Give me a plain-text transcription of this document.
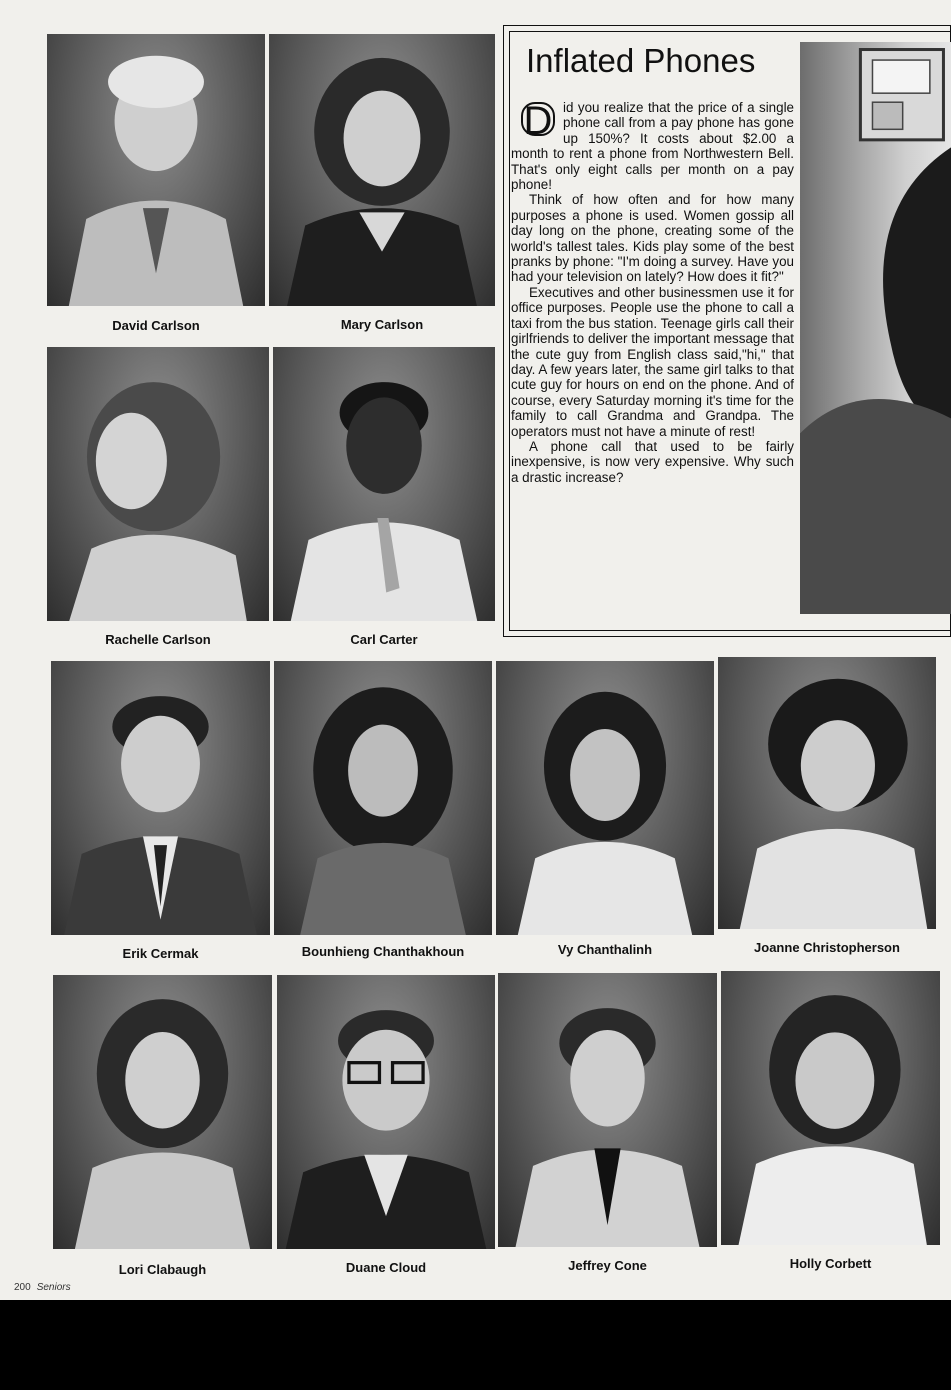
David Carlson	Mary Carlson
Rachelle Carlson	Carl Carter
Inflated Phones

D id you realize that the price of a single phone call from a pay phone has gone up 150%? It costs about $2.00 a month to rent a phone from Northwestern Bell. That's only eight calls per month on a pay phone!

Think of how often and for how many purposes a phone is used. Women gossip all day long on the phone, creating some of the world's tallest tales. Kids play some of the best pranks by phone: "I'm doing a survey. Have you had your television on lately? How does it fit?"

Executives and other businessmen use it for office purposes. People use the phone to call a taxi from the bus station. Teenage girls call their girlfriends to deliver the important message that the cute guy from English class said,"hi," that day. A few years later, the same girl talks to that cute guy for hours on end on the phone. And of course, every Saturday morning it's time for the family to call Grandma and Grandpa. The operators must not have a minute of rest!

A phone call that used to be fairly inexpensive, is now very expensive. Why such a drastic increase?

Erik Cermak	Bounhieng Chanthakhoun	Vy Chanthalinh	Joanne Christopherson
Lori Clabaugh	Duane Cloud	Jeffrey Cone	Holly Corbett
200 Seniors
